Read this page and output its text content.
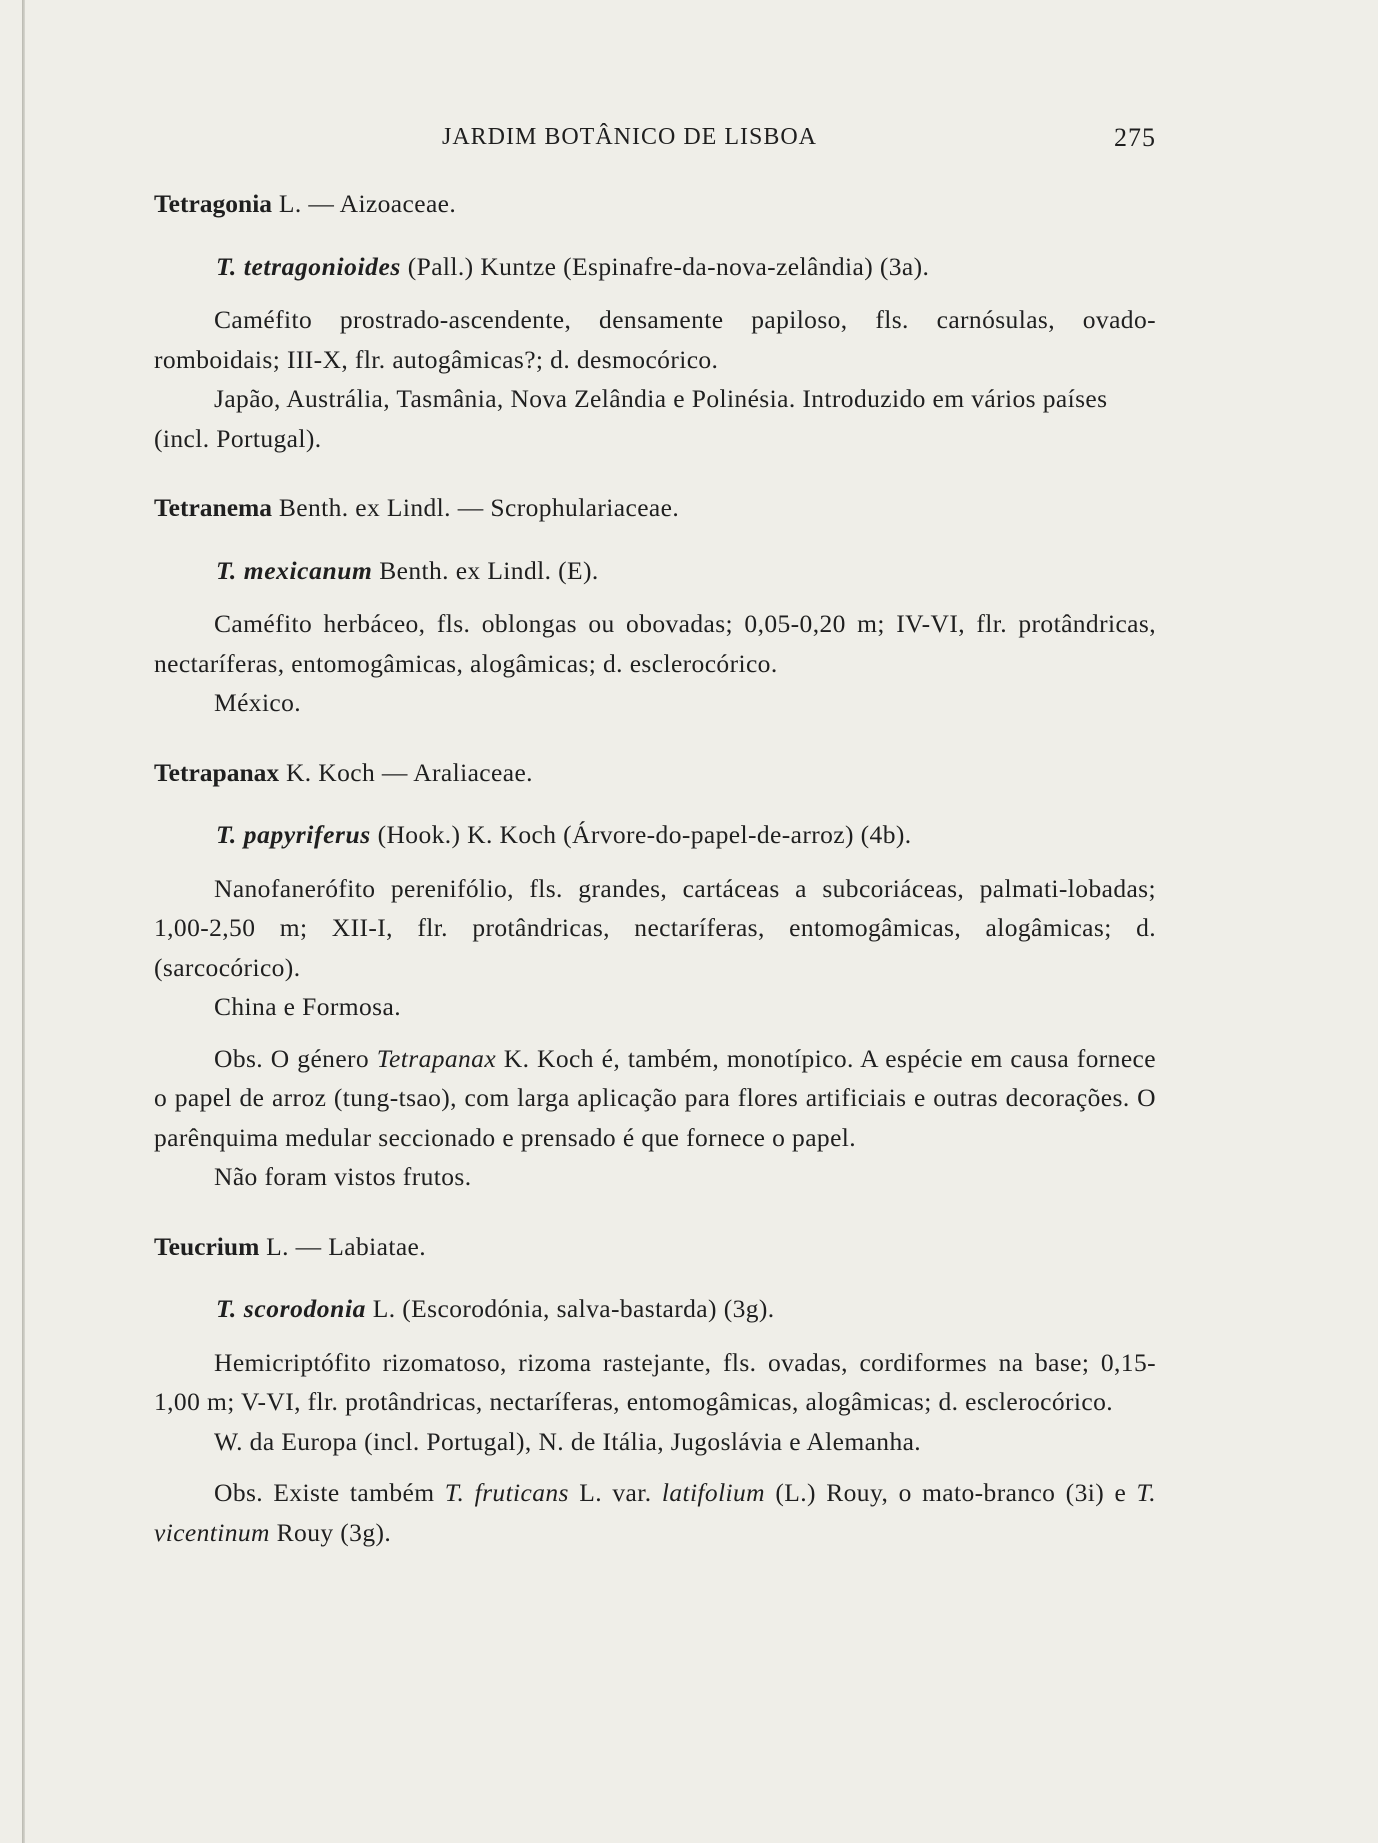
JARDIM BOTÂNICO DE LISBOA	275
Tetragonia L. — Aizoaceae.
T. tetragonioides (Pall.) Kuntze (Espinafre-da-nova-zelândia) (3a).

Caméfito prostrado-ascendente, densamente papiloso, fls. carnósulas, ovado-romboidais; III-X, flr. autogâmicas?; d. desmocórico.

Japão, Austrália, Tasmânia, Nova Zelândia e Polinésia. Introduzido em vários países (incl. Portugal).

Tetranema Benth. ex Lindl. — Scrophulariaceae.
T. mexicanum Benth. ex Lindl. (E).

Caméfito herbáceo, fls. oblongas ou obovadas; 0,05-0,20 m; IV-VI, flr. protândricas, nectaríferas, entomogâmicas, alogâmicas; d. esclerocórico.

México.

Tetrapanax K. Koch — Araliaceae.
T. papyriferus (Hook.) K. Koch (Árvore-do-papel-de-arroz) (4b).

Nanofanerófito perenifólio, fls. grandes, cartáceas a subcoriáceas, palmati-lobadas; 1,00-2,50 m; XII-I, flr. protândricas, nectaríferas, entomogâmicas, alogâmicas; d. (sarcocórico).

China e Formosa.

Obs. O género Tetrapanax K. Koch é, também, monotípico. A espécie em causa fornece o papel de arroz (tung-tsao), com larga aplicação para flores artificiais e outras decorações. O parênquima medular seccionado e prensado é que fornece o papel.

Não foram vistos frutos.

Teucrium L. — Labiatae.
T. scorodonia L. (Escorodónia, salva-bastarda) (3g).

Hemicriptófito rizomatoso, rizoma rastejante, fls. ovadas, cordiformes na base; 0,15-1,00 m; V-VI, flr. protândricas, nectaríferas, entomogâmicas, alogâmicas; d. esclerocórico.

W. da Europa (incl. Portugal), N. de Itália, Jugoslávia e Alemanha.

Obs. Existe também T. fruticans L. var. latifolium (L.) Rouy, o mato-branco (3i) e T. vicentinum Rouy (3g).
